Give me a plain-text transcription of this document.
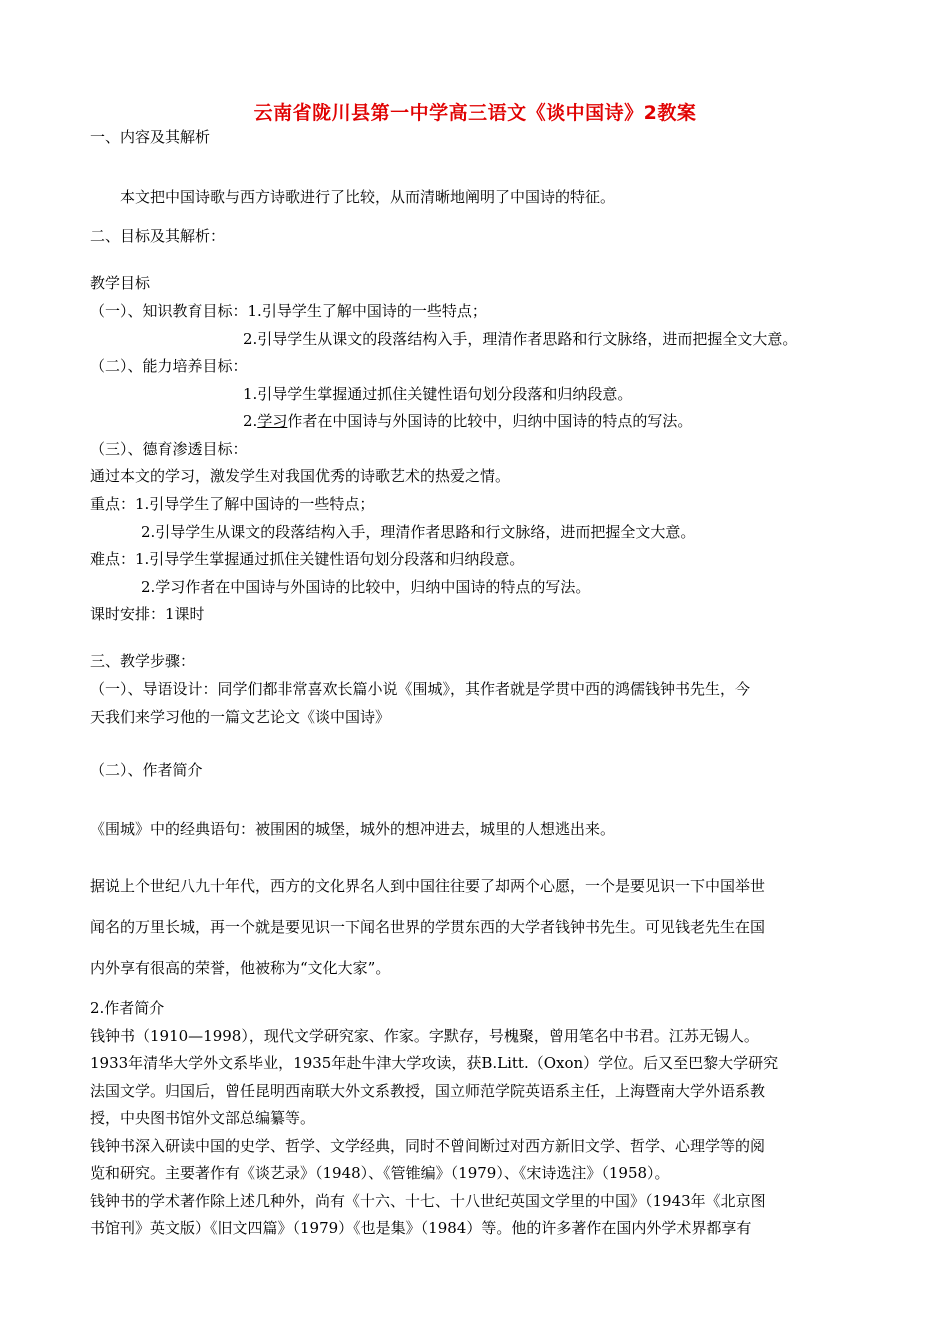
云南省陇川县第一中学高三语文《谈中国诗》2教案
一、内容及其解析
本文把中国诗歌与西方诗歌进行了比较，从而清晰地阐明了中国诗的特征。
二、目标及其解析：
教学目标
（一）、知识教育目标：1.引导学生了解中国诗的一些特点；
2.引导学生从课文的段落结构入手，理清作者思路和行文脉络，进而把握全文大意。
（二）、能力培养目标：
1.引导学生掌握通过抓住关键性语句划分段落和归纳段意。
2.学习作者在中国诗与外国诗的比较中，归纳中国诗的特点的写法。
（三）、德育渗透目标：
通过本文的学习，激发学生对我国优秀的诗歌艺术的热爱之情。
重点：1.引导学生了解中国诗的一些特点；
2.引导学生从课文的段落结构入手，理清作者思路和行文脉络，进而把握全文大意。
难点：1.引导学生掌握通过抓住关键性语句划分段落和归纳段意。
2.学习作者在中国诗与外国诗的比较中，归纳中国诗的特点的写法。
课时安排：1课时
三、教学步骤：
（一）、导语设计：同学们都非常喜欢长篇小说《围城》，其作者就是学贯中西的鸿儒钱钟书先生，今
天我们来学习他的一篇文艺论文《谈中国诗》
（二）、作者简介
《围城》中的经典语句：被围困的城堡，城外的想冲进去，城里的人想逃出来。
据说上个世纪八九十年代，西方的文化界名人到中国往往要了却两个心愿，一个是要见识一下中国举世
闻名的万里长城，再一个就是要见识一下闻名世界的学贯东西的大学者钱钟书先生。可见钱老先生在国
内外享有很高的荣誉，他被称为“文化大家”。
2.作者简介
钱钟书（1910—1998），现代文学研究家、作家。字默存，号槐聚，曾用笔名中书君。江苏无锡人。
1933年清华大学外文系毕业，1935年赴牛津大学攻读，获B.Litt.（Oxon）学位。后又至巴黎大学研究
法国文学。归国后，曾任昆明西南联大外文系教授，国立师范学院英语系主任，上海暨南大学外语系教
授，中央图书馆外文部总编纂等。
钱钟书深入研读中国的史学、哲学、文学经典，同时不曾间断过对西方新旧文学、哲学、心理学等的阅
览和研究。主要著作有《谈艺录》（1948）、《管锥编》（1979）、《宋诗选注》（1958）。
钱钟书的学术著作除上述几种外，尚有《十六、十七、十八世纪英国文学里的中国》（1943年《北京图
书馆刊》英文版）《旧文四篇》（1979）《也是集》（1984）等。他的许多著作在国内外学术界都享有
